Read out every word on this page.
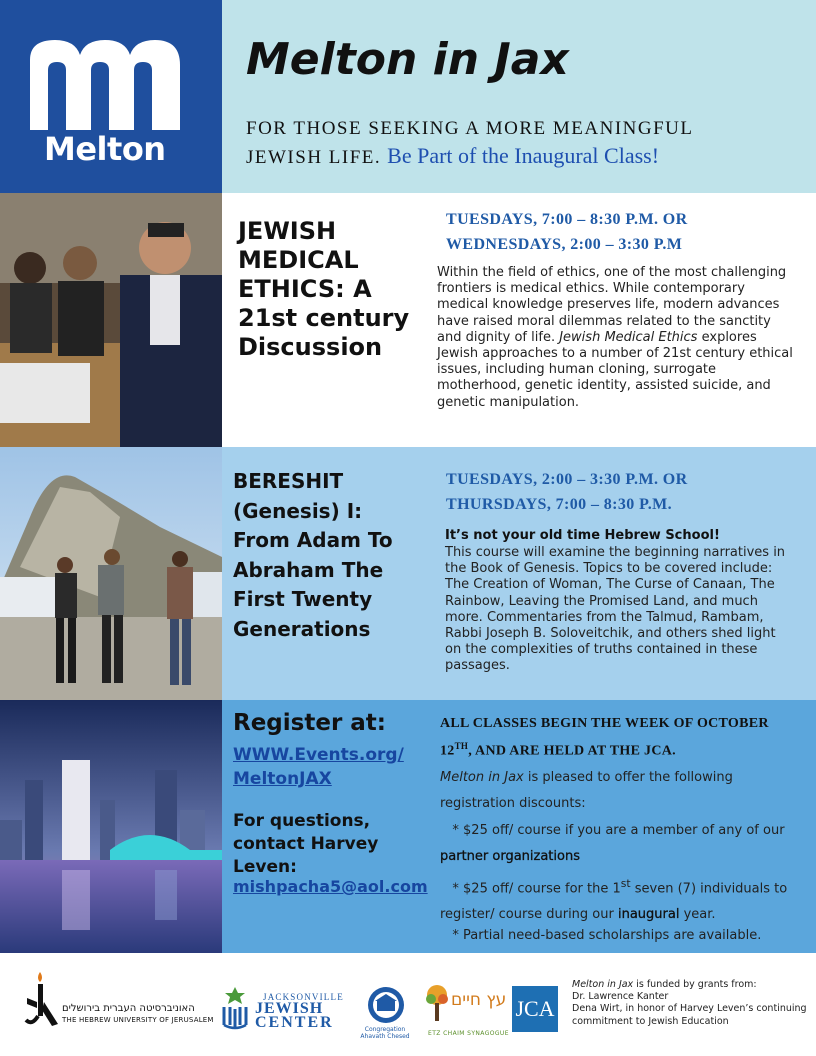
Melton
Melton in Jax
FOR THOSE SEEKING A MORE MEANINGFUL
JEWISH LIFE. Be Part of the Inaugural Class!
JEWISH MEDICAL ETHICS: A 21st century Discussion
TUESDAYS, 7:00 – 8:30 P.M. OR
WEDNESDAYS, 2:00 – 3:30 P.M
Within the field of ethics, one of the most challenging frontiers is medical ethics. While contemporary medical knowledge preserves life, modern advances have raised moral dilemmas related to the sanctity and dignity of life. Jewish Medical Ethics explores Jewish approaches to a number of 21st century ethical issues, including human cloning, surrogate motherhood, genetic identity, assisted suicide, and genetic manipulation.
BERESHIT (Genesis) I: From Adam To Abraham The First Twenty Generations
TUESDAYS, 2:00 – 3:30 P.M. OR
THURSDAYS, 7:00 – 8:30 P.M.
It’s not your old time Hebrew School!
This course will examine the beginning narratives in the Book of Genesis. Topics to be covered include: The Creation of Woman, The Curse of Canaan, The Rainbow, Leaving the Promised Land, and much more. Commentaries from the Talmud, Rambam, Rabbi Joseph B. Soloveitchik, and others shed light on the complexities of truths contained in these passages.
Register at:
WWW.Events.org/ MeltonJAX
For questions, contact Harvey Leven:
mishpacha5@aol.com
ALL CLASSES BEGIN THE WEEK OF OCTOBER 12TH, AND ARE HELD AT THE JCA.
Melton in Jax is pleased to offer the following registration discounts:
* $25 off/ course if you are a member of any of our partner organizations
* $25 off/ course for the 1st seven (7) individuals to register/ course during our inaugural year.
* Partial need-based scholarships are available.
האוניברסיטה העברית בירושלים
THE HEBREW UNIVERSITY OF JERUSALEM
JACKSONVILLE
JEWISH
CENTER	Congregation Ahavath Chesed
עץ חיים
ETZ CHAIM SYNAGOGUE
JCA
Melton in Jax is funded by grants from:
Dr. Lawrence Kanter
Dena Wirt, in honor of Harvey Leven’s continuing commitment to Jewish Education
